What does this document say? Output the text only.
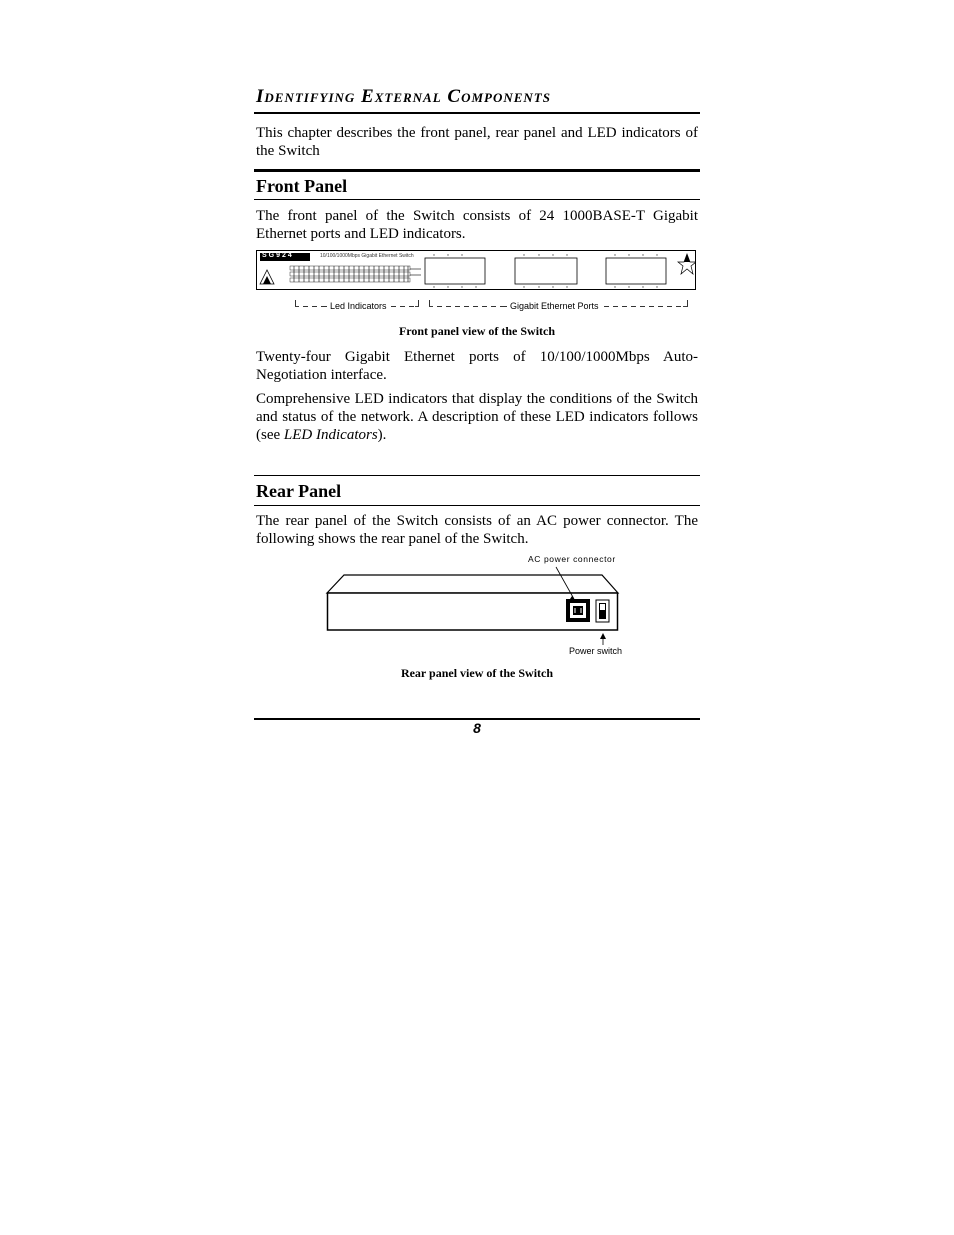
Identifying External Components
This chapter describes the front panel, rear panel and LED indicators of the Switch
Front Panel
The front panel of the Switch consists of 24 1000BASE-T Gigabit Ethernet ports and LED indicators.
SG924	10/100/1000Mbps Gigabit Ethernet Switch
Led Indicators	Gigabit Ethernet Ports
Front panel view of the Switch
Twenty-four Gigabit Ethernet ports of 10/100/1000Mbps Auto-Negotiation interface.
Comprehensive LED indicators that display the conditions of the Switch and status of the network. A description of these LED indicators follows (see LED Indicators).
Rear Panel
The rear panel of the Switch consists of an AC power connector. The following shows the rear panel of the Switch.
AC power connector
Power switch
Rear panel view of the Switch
8
